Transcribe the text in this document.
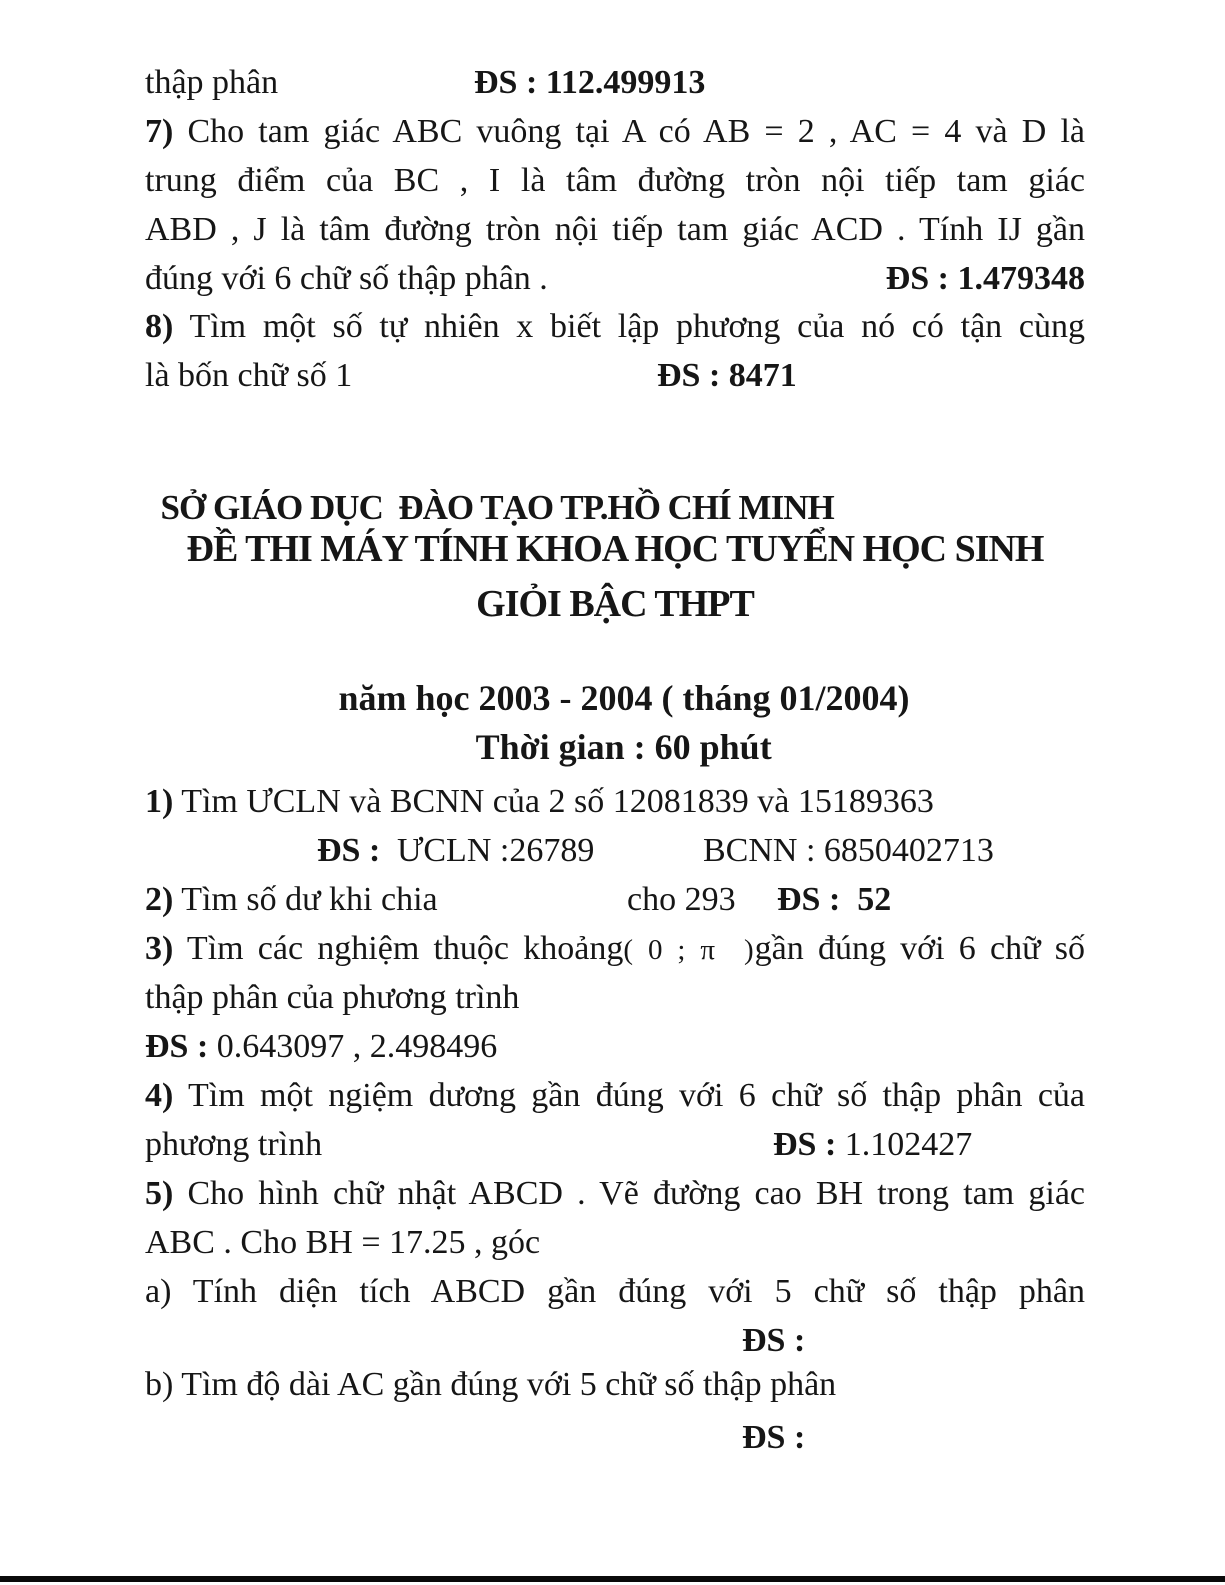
thập phân	ĐS : 112.499913
7) Cho tam giác ABC vuông tại A có AB = 2 , AC = 4 và D là
trung điểm của BC , I là tâm đường tròn nội tiếp tam giác
ABD , J là tâm đường tròn nội tiếp tam giác ACD . Tính IJ gần
đúng với 6 chữ số thập phân .	ĐS : 1.479348
8) Tìm một số tự nhiên x biết lập phương của nó có tận cùng
là bốn chữ số 1	ĐS : 8471

SỞ GIÁO DỤC  ĐÀO TẠO TP.HỒ CHÍ MINH

ĐỀ THI MÁY TÍNH KHOA HỌC TUYỂN HỌC SINH
GIỎI BẬC THPT

năm học 2003 - 2004 ( tháng 01/2004)

Thời gian : 60 phút

1) Tìm ƯCLN và BCNN của 2 số 12081839 và 15189363
ĐS : ƯCLN :26789	BCNN : 6850402713
2) Tìm số dư khi chia	cho 293 ĐS :  52
3) Tìm các nghiệm thuộc khoảng( 0 ; π  )gần đúng với 6 chữ số
thập phân của phương trình
ĐS : 0.643097 , 2.498496
4) Tìm một ngiệm dương gần đúng với 6 chữ số thập phân của
phương trình	ĐS : 1.102427
5) Cho hình chữ nhật ABCD . Vẽ đường cao BH trong tam giác
ABC . Cho BH = 17.25 , góc
a) Tính diện tích ABCD gần đúng với 5 chữ số thập phân
ĐS :
b) Tìm độ dài AC gần đúng với 5 chữ số thập phân
ĐS :
